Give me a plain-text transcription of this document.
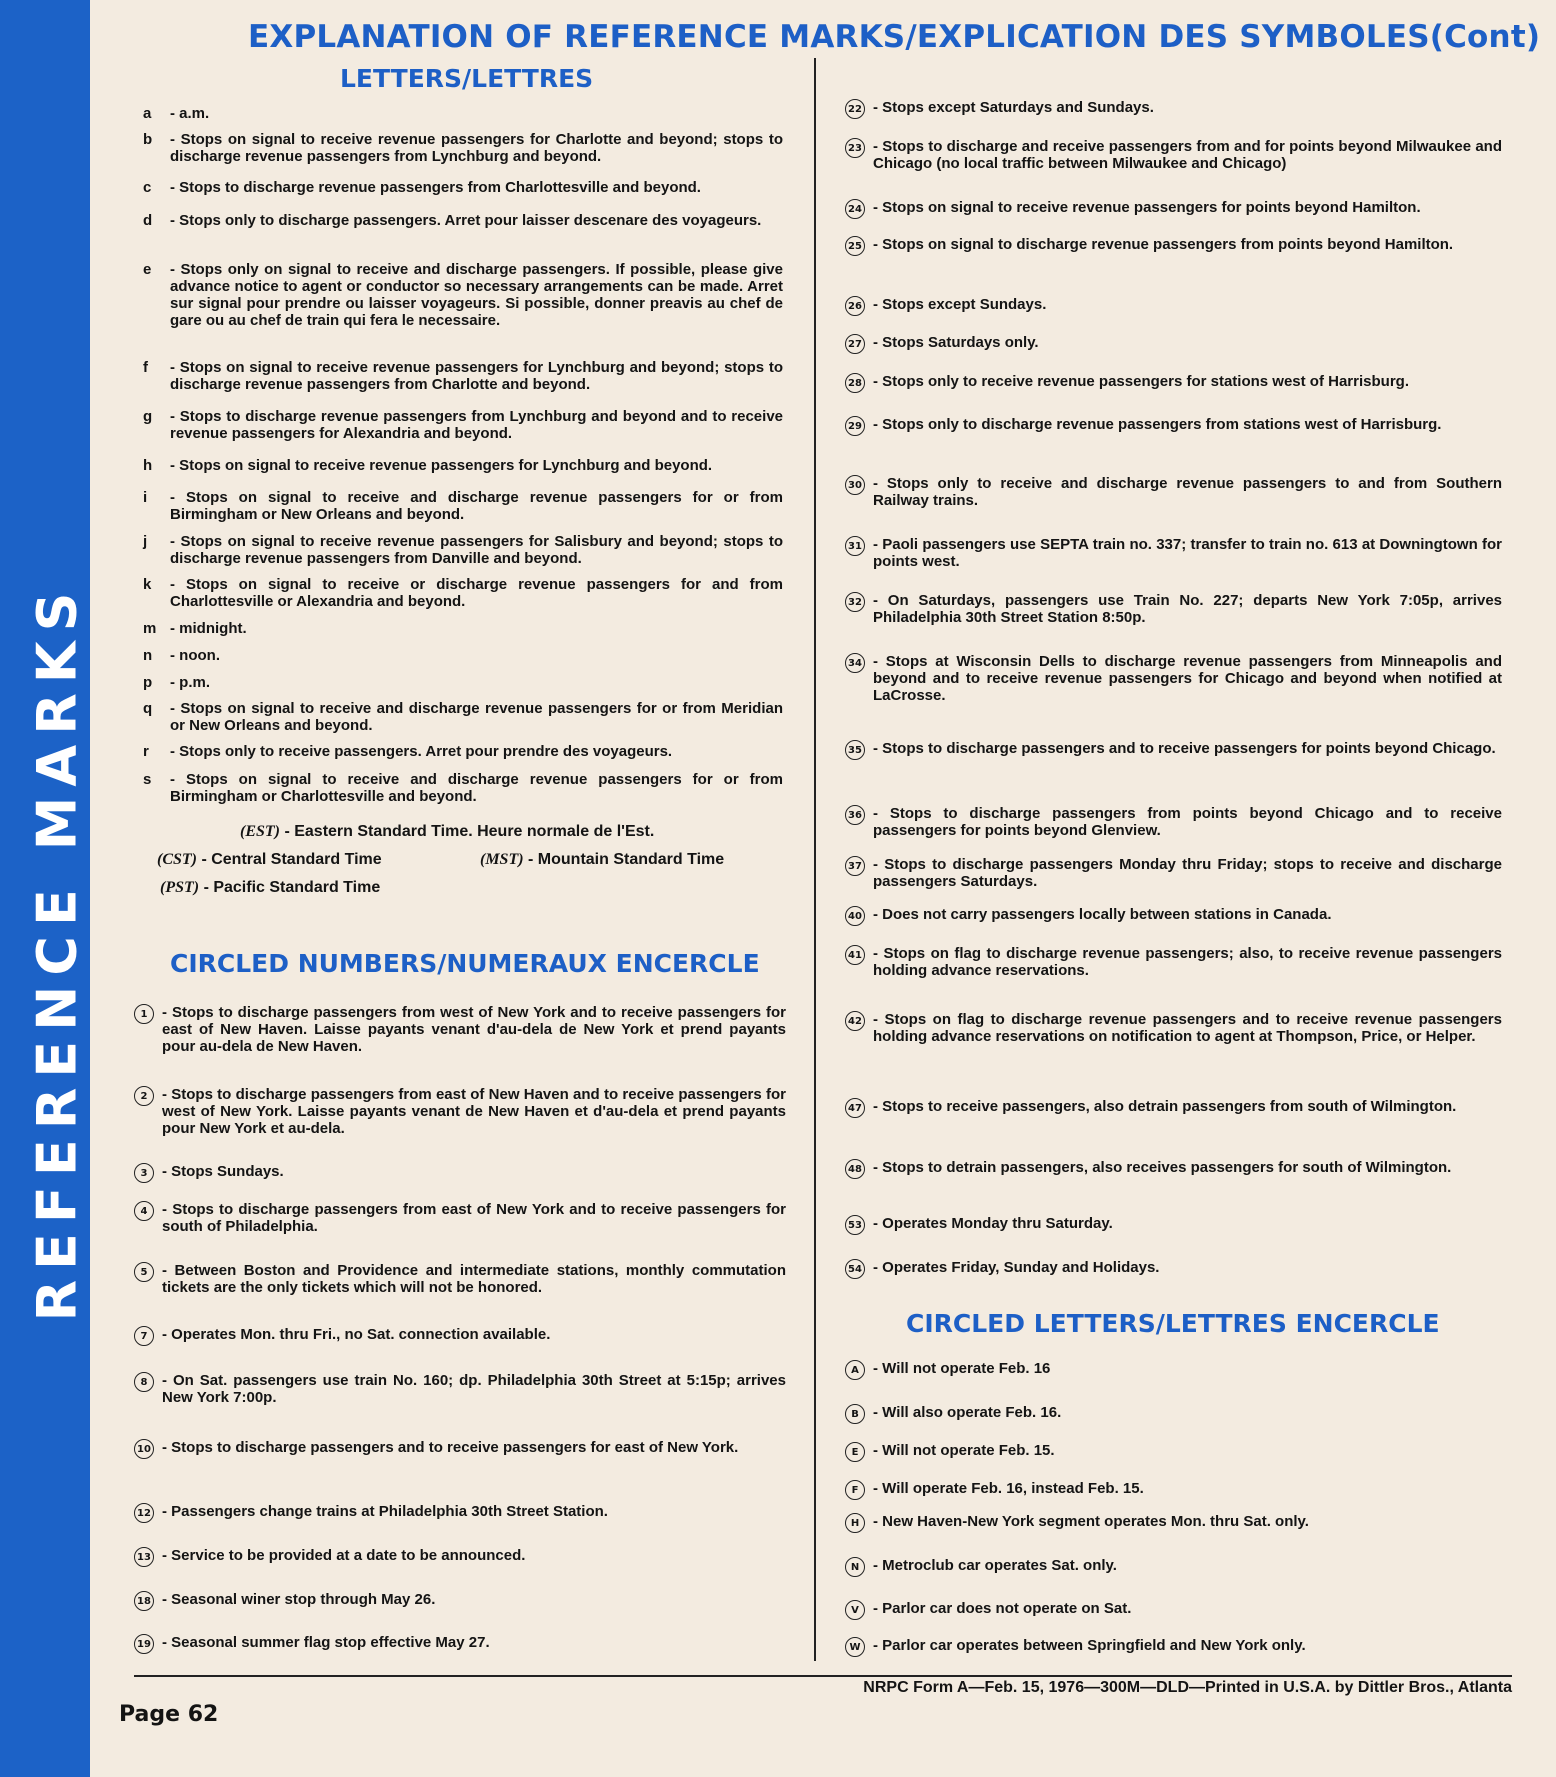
REFERENCE MARKS
EXPLANATION OF REFERENCE MARKS/EXPLICATION DES SYMBOLES(Cont)
LETTERS/LETTRES
CIRCLED NUMBERS/NUMERAUX ENCERCLE
CIRCLED LETTERS/LETTRES ENCERCLE
a	- a.m.
b	- Stops on signal to receive revenue passengers for Charlotte and beyond; stops to discharge revenue passengers from Lynchburg and beyond.
c	- Stops to discharge revenue passengers from Charlottesville and beyond.
d	- Stops only to discharge passengers. Arret pour laisser descenare des voyageurs.
e	- Stops only on signal to receive and discharge passengers. If possible, please give advance notice to agent or conductor so necessary arrangements can be made. Arret sur signal pour prendre ou laisser voyageurs. Si possible, donner preavis au chef de gare ou au chef de train qui fera le necessaire.
f	- Stops on signal to receive revenue passengers for Lynchburg and beyond; stops to discharge revenue passengers from Charlotte and beyond.
g	- Stops to discharge revenue passengers from Lynchburg and beyond and to receive revenue passengers for Alexandria and beyond.
h	- Stops on signal to receive revenue passengers for Lynchburg and beyond.
i	- Stops on signal to receive and discharge revenue passengers for or from Birmingham or New Orleans and beyond.
j	- Stops on signal to receive revenue passengers for Salisbury and beyond; stops to discharge revenue passengers from Danville and beyond.
k	- Stops on signal to receive or discharge revenue passengers for and from Charlottesville or Alexandria and beyond.
m - midnight.
n	- noon.
p	- p.m.
q	- Stops on signal to receive and discharge revenue passengers for or from Meridian or New Orleans and beyond.
r	- Stops only to receive passengers. Arret pour prendre des voyageurs.
s	- Stops on signal to receive and discharge revenue passengers for or from Birmingham or Charlottesville and beyond.
(EST) - Eastern Standard Time. Heure normale de l'Est.
(CST) - Central Standard Time	(MST) - Mountain Standard Time
(PST) - Pacific Standard Time
1 - Stops to discharge passengers from west of New York and to receive passengers for east of New Haven. Laisse payants venant d'au-dela de New York et prend payants pour au-dela de New Haven.
2 - Stops to discharge passengers from east of New Haven and to receive passengers for west of New York. Laisse payants venant de New Haven et d'au-dela et prend payants pour New York et au-dela.
3 - Stops Sundays.
4 - Stops to discharge passengers from east of New York and to receive passengers for south of Philadelphia.
5 - Between Boston and Providence and intermediate stations, monthly commutation tickets are the only tickets which will not be honored.
7 - Operates Mon. thru Fri., no Sat. connection available.
8 - On Sat. passengers use train No. 160; dp. Philadelphia 30th Street at 5:15p; arrives New York 7:00p.
10 - Stops to discharge passengers and to receive passengers for east of New York.
12 - Passengers change trains at Philadelphia 30th Street Station.
13 - Service to be provided at a date to be announced.
18 - Seasonal winer stop through May 26.
19 - Seasonal summer flag stop effective May 27.
22 - Stops except Saturdays and Sundays.
23 - Stops to discharge and receive passengers from and for points beyond Milwaukee and Chicago (no local traffic between Milwaukee and Chicago)
24 - Stops on signal to receive revenue passengers for points beyond Hamilton.
25 - Stops on signal to discharge revenue passengers from points beyond Hamilton.
26 - Stops except Sundays.
27 - Stops Saturdays only.
28 - Stops only to receive revenue passengers for stations west of Harrisburg.
29 - Stops only to discharge revenue passengers from stations west of Harrisburg.
30 - Stops only to receive and discharge revenue passengers to and from Southern Railway trains.
31 - Paoli passengers use SEPTA train no. 337; transfer to train no. 613 at Downingtown for points west.
32 - On Saturdays, passengers use Train No. 227; departs New York 7:05p, arrives Philadelphia 30th Street Station 8:50p.
34 - Stops at Wisconsin Dells to discharge revenue passengers from Minneapolis and beyond and to receive revenue passengers for Chicago and beyond when notified at LaCrosse.
35 - Stops to discharge passengers and to receive passengers for points beyond Chicago.
36 - Stops to discharge passengers from points beyond Chicago and to receive passengers for points beyond Glenview.
37 - Stops to discharge passengers Monday thru Friday; stops to receive and discharge passengers Saturdays.
40 - Does not carry passengers locally between stations in Canada.
41 - Stops on flag to discharge revenue passengers; also, to receive revenue passengers holding advance reservations.
42 - Stops on flag to discharge revenue passengers and to receive revenue passengers holding advance reservations on notification to agent at Thompson, Price, or Helper.
47 - Stops to receive passengers, also detrain passengers from south of Wilmington.
48 - Stops to detrain passengers, also receives passengers for south of Wilmington.
53 - Operates Monday thru Saturday.
54 - Operates Friday, Sunday and Holidays.
A - Will not operate Feb. 16
B - Will also operate Feb. 16.
E - Will not operate Feb. 15.
F - Will operate Feb. 16, instead Feb. 15.
H - New Haven-New York segment operates Mon. thru Sat. only.
N - Metroclub car operates Sat. only.
V - Parlor car does not operate on Sat.
W - Parlor car operates between Springfield and New York only.
NRPC Form A—Feb. 15, 1976—300M—DLD—Printed in U.S.A. by Dittler Bros., Atlanta
Page 62
